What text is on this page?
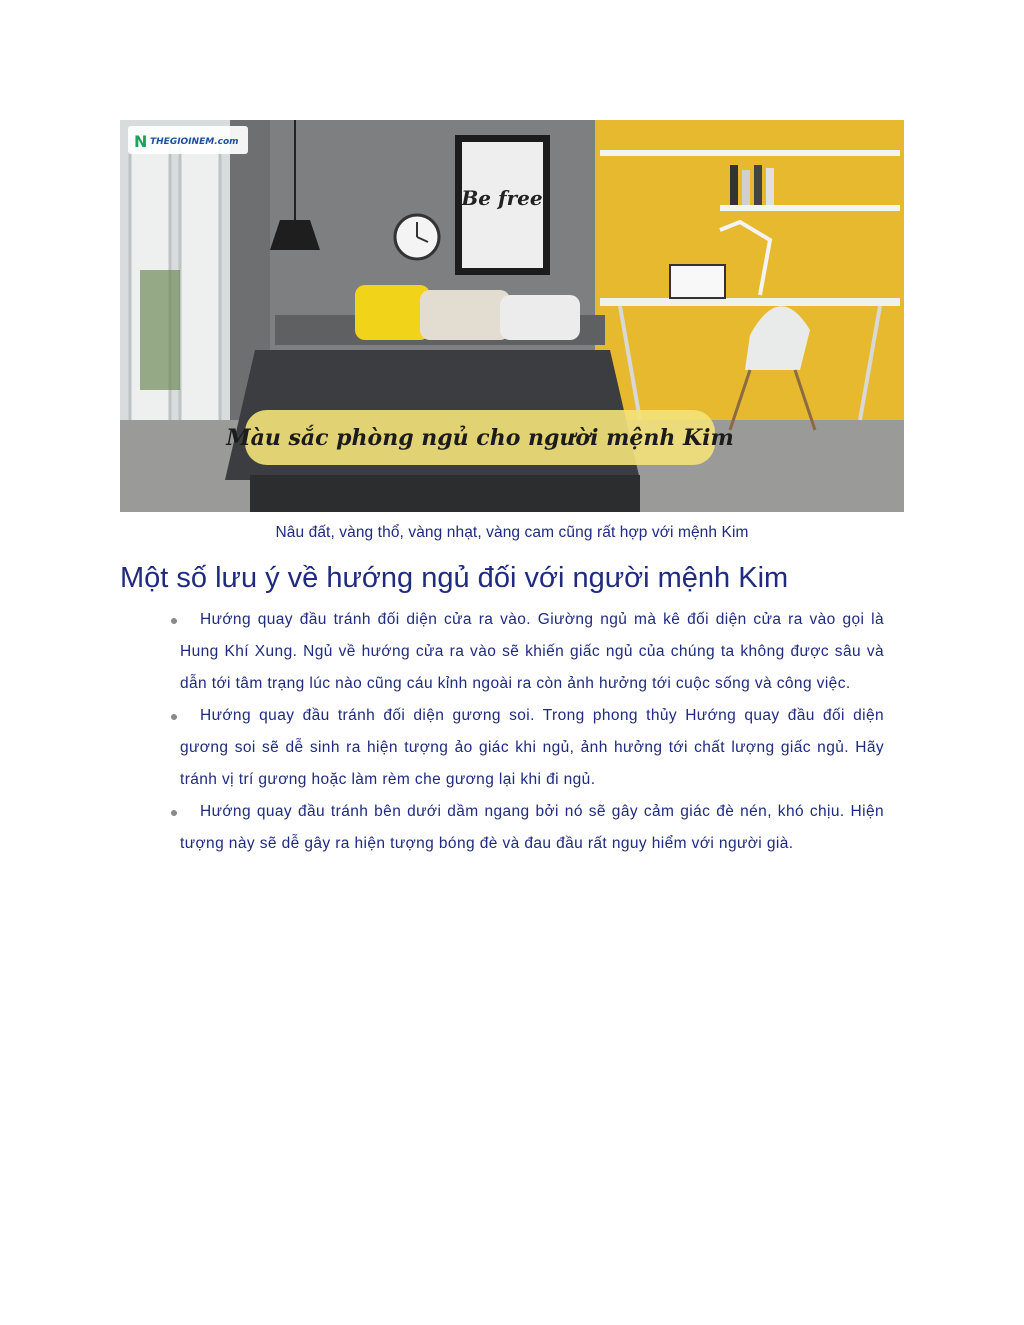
Be free
N THEGIOINEM.com
Màu sắc phòng ngủ cho người mệnh Kim
Nâu đất, vàng thổ, vàng nhạt, vàng cam cũng rất hợp với mệnh Kim
Một số lưu ý về hướng ngủ đối với người mệnh Kim
Hướng quay đầu tránh đối diện cửa ra vào. Giường ngủ mà kê đối diện cửa ra vào gọi là Hung Khí Xung. Ngủ về hướng cửa ra vào sẽ khiến giấc ngủ của chúng ta không được sâu và dẫn tới tâm trạng lúc nào cũng cáu kỉnh ngoài ra còn ảnh hưởng tới cuộc sống và công việc.
Hướng quay đầu tránh đối diện gương soi. Trong phong thủy Hướng quay đầu đối diện gương soi sẽ dễ sinh ra hiện tượng ảo giác khi ngủ, ảnh hưởng tới chất lượng giấc ngủ. Hãy tránh vị trí gương hoặc làm rèm che gương lại khi đi ngủ.
Hướng quay đầu tránh bên dưới dầm ngang bởi nó sẽ gây cảm giác đè nén, khó chịu. Hiện tượng này sẽ dễ gây ra hiện tượng bóng đè và đau đầu rất nguy hiểm với người già.
